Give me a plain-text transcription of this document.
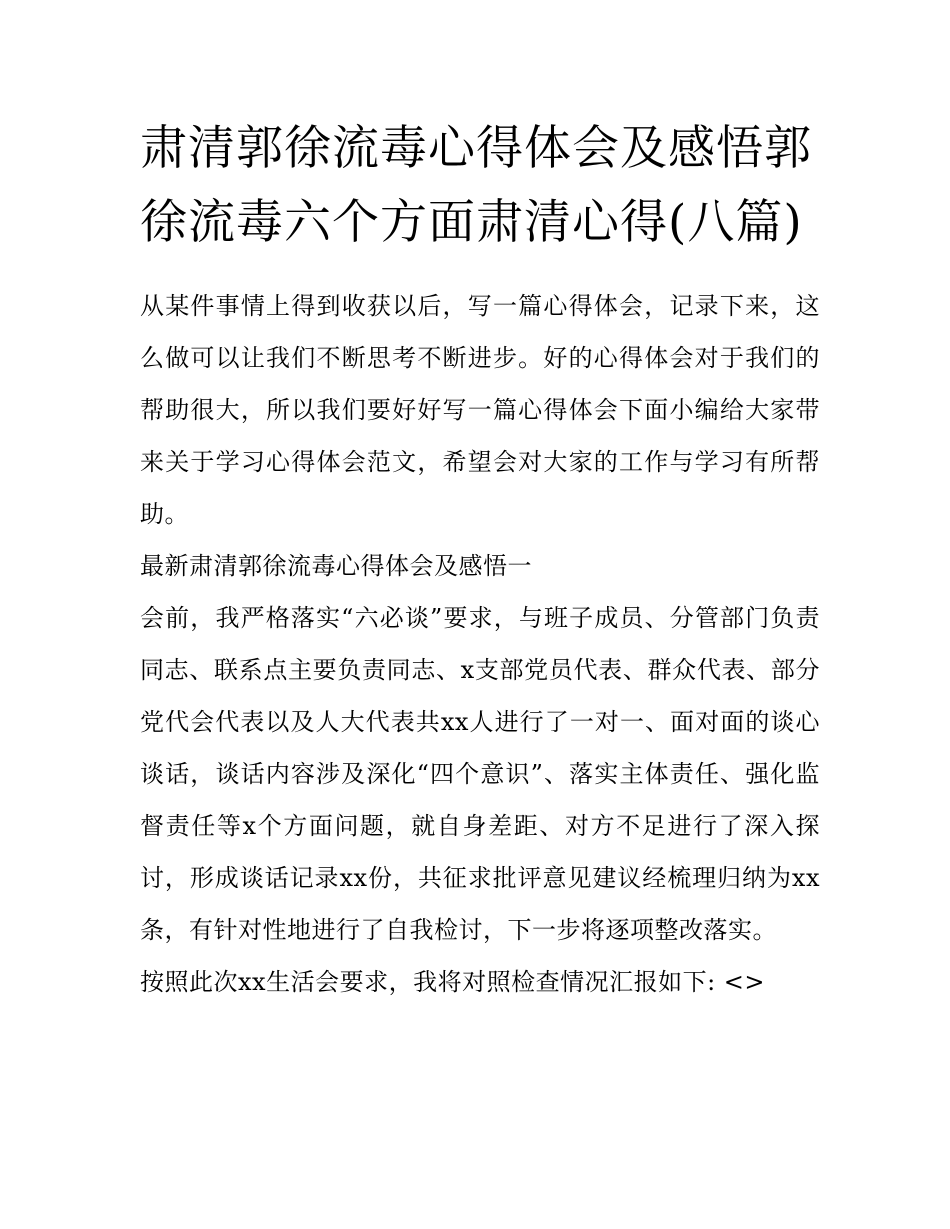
肃清郭徐流毒心得体会及感悟郭徐流毒六个方面肃清心得(八篇)

从某件事情上得到收获以后，写一篇心得体会，记录下来，这么做可以让我们不断思考不断进步。好的心得体会对于我们的帮助很大，所以我们要好好写一篇心得体会下面小编给大家带来关于学习心得体会范文，希望会对大家的工作与学习有所帮助。

最新肃清郭徐流毒心得体会及感悟一

会前，我严格落实“六必谈”要求，与班子成员、分管部门负责同志、联系点主要负责同志、x支部党员代表、群众代表、部分党代会代表以及人大代表共xx人进行了一对一、面对面的谈心谈话，谈话内容涉及深化“四个意识”、落实主体责任、强化监督责任等x个方面问题，就自身差距、对方不足进行了深入探讨，形成谈话记录xx份，共征求批评意见建议经梳理归纳为xx条，有针对性地进行了自我检讨，下一步将逐项整改落实。

按照此次xx生活会要求，我将对照检查情况汇报如下: <>
